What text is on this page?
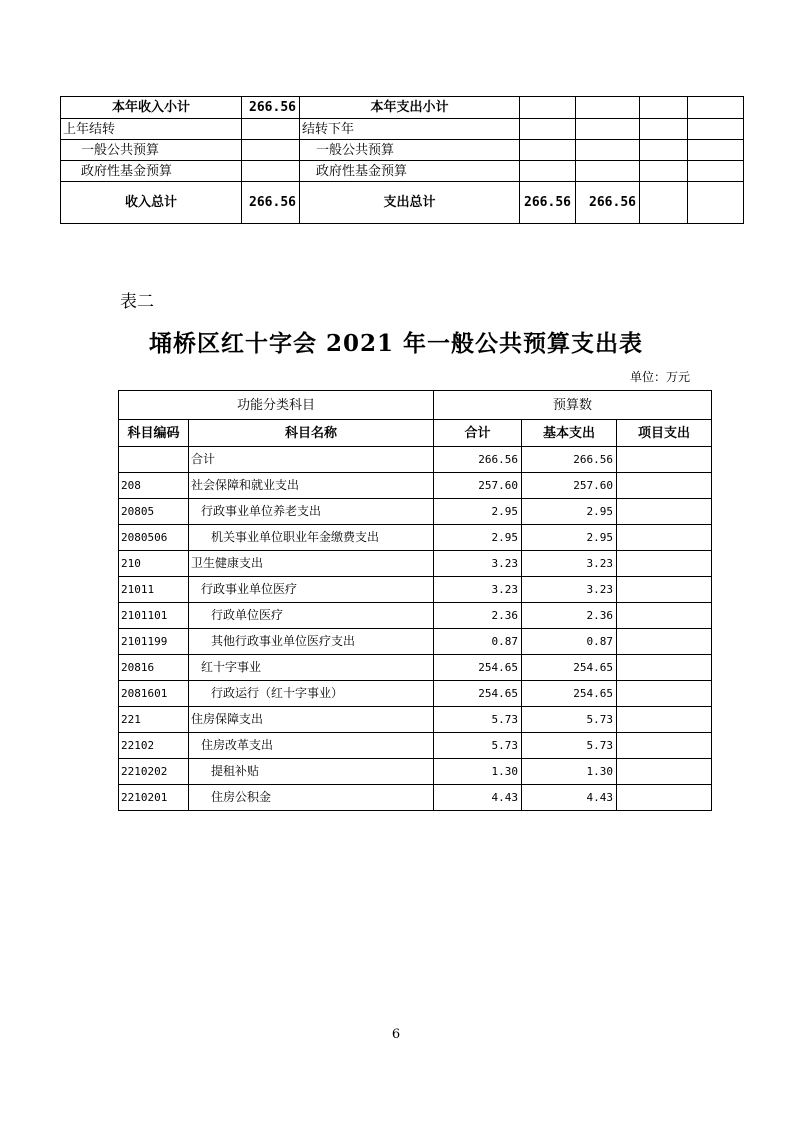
本年收入小计	266.56	本年支出小计				
上年结转		结转下年				
一般公共预算		一般公共预算				
政府性基金预算		政府性基金预算				
收入总计	266.56	支出总计	266.56	266.56		
表二
埇桥区红十字会 2021 年一般公共预算支出表
单位：万元
功能分类科目		预算数		
科目编码	科目名称	合计	基本支出	项目支出
	合计	266.56	266.56	
208	社会保障和就业支出	257.60	257.60	
20805	行政事业单位养老支出	2.95	2.95	
2080506	机关事业单位职业年金缴费支出	2.95	2.95	
210	卫生健康支出	3.23	3.23	
21011	行政事业单位医疗	3.23	3.23	
2101101	行政单位医疗	2.36	2.36	
2101199	其他行政事业单位医疗支出	0.87	0.87	
20816	红十字事业	254.65	254.65	
2081601	行政运行（红十字事业）	254.65	254.65	
221	住房保障支出	5.73	5.73	
22102	住房改革支出	5.73	5.73	
2210202	提租补贴	1.30	1.30	
2210201	住房公积金	4.43	4.43	
6
